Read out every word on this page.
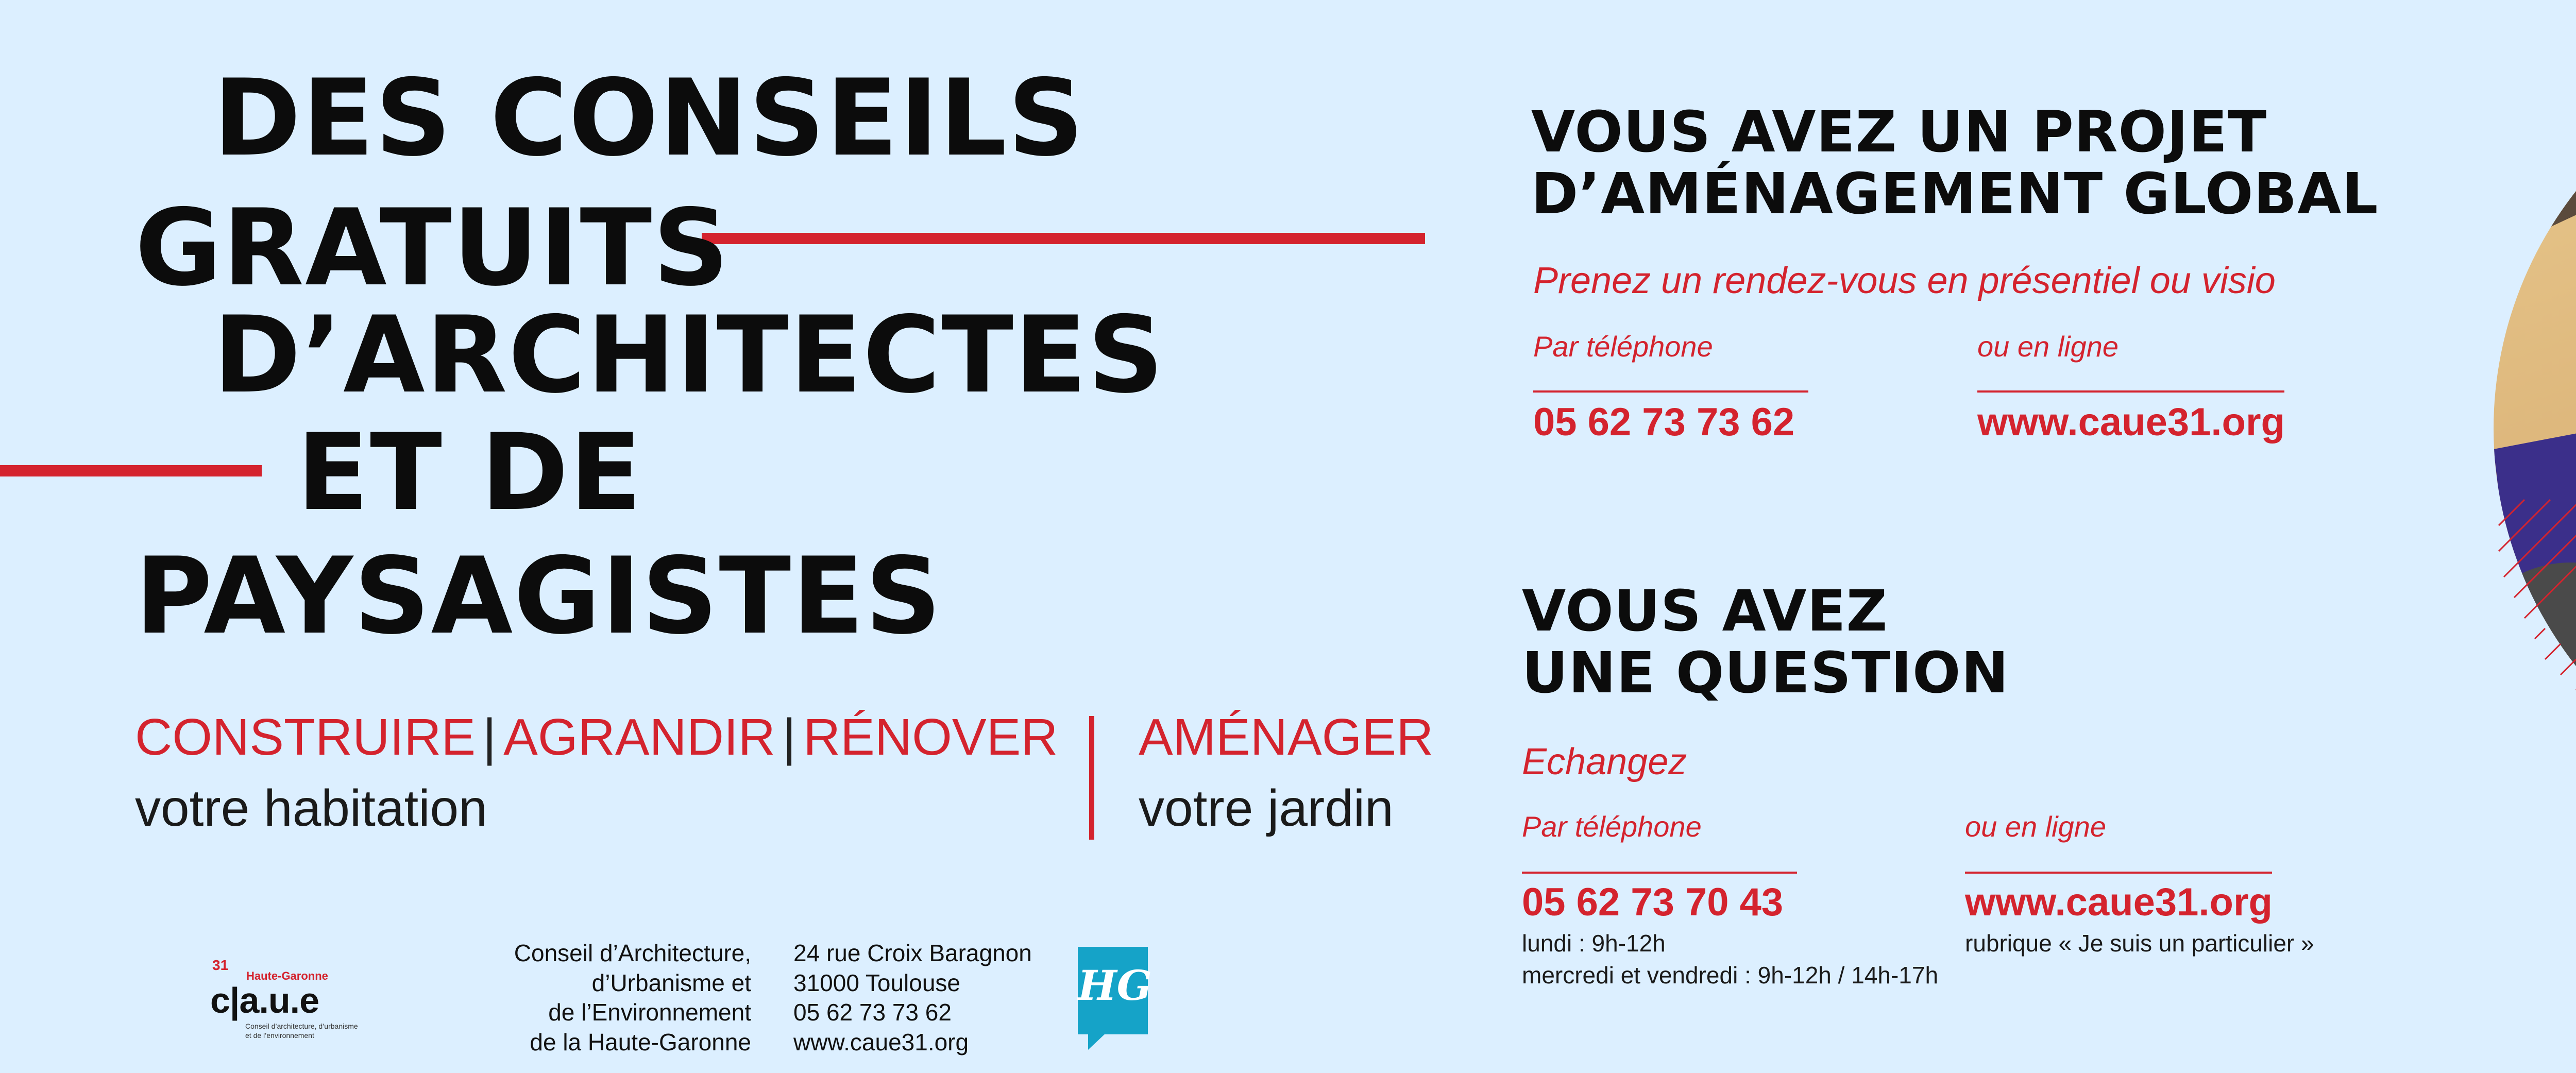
DES CONSEILS
GRATUITS
D’ARCHITECTES
ET DE
PAYSAGISTES
CONSTRUIRE | AGRANDIR | RÉNOVER
votre habitation
AMÉNAGER
votre jardin
VOUS AVEZ UN PROJET
D’AMÉNAGEMENT GLOBAL
Prenez un rendez-vous en présentiel ou visio
Par téléphone	ou en ligne
05 62 73 73 62	www.caue31.org
VOUS AVEZ
UNE QUESTION
Echangez
Par téléphone	ou en ligne
05 62 73 70 43	www.caue31.org
lundi : 9h-12h
mercredi et vendredi : 9h-12h / 14h-17h
rubrique « Je suis un particulier »
31
Haute-Garonne
c|a.u.e
Conseil d’architecture, d’urbanisme
et de l’environnement
Conseil d’Architecture,
d’Urbanisme et
de l’Environnement
de la Haute-Garonne
24 rue Croix Baragnon
31000 Toulouse
05 62 73 73 62
www.caue31.org
HG
